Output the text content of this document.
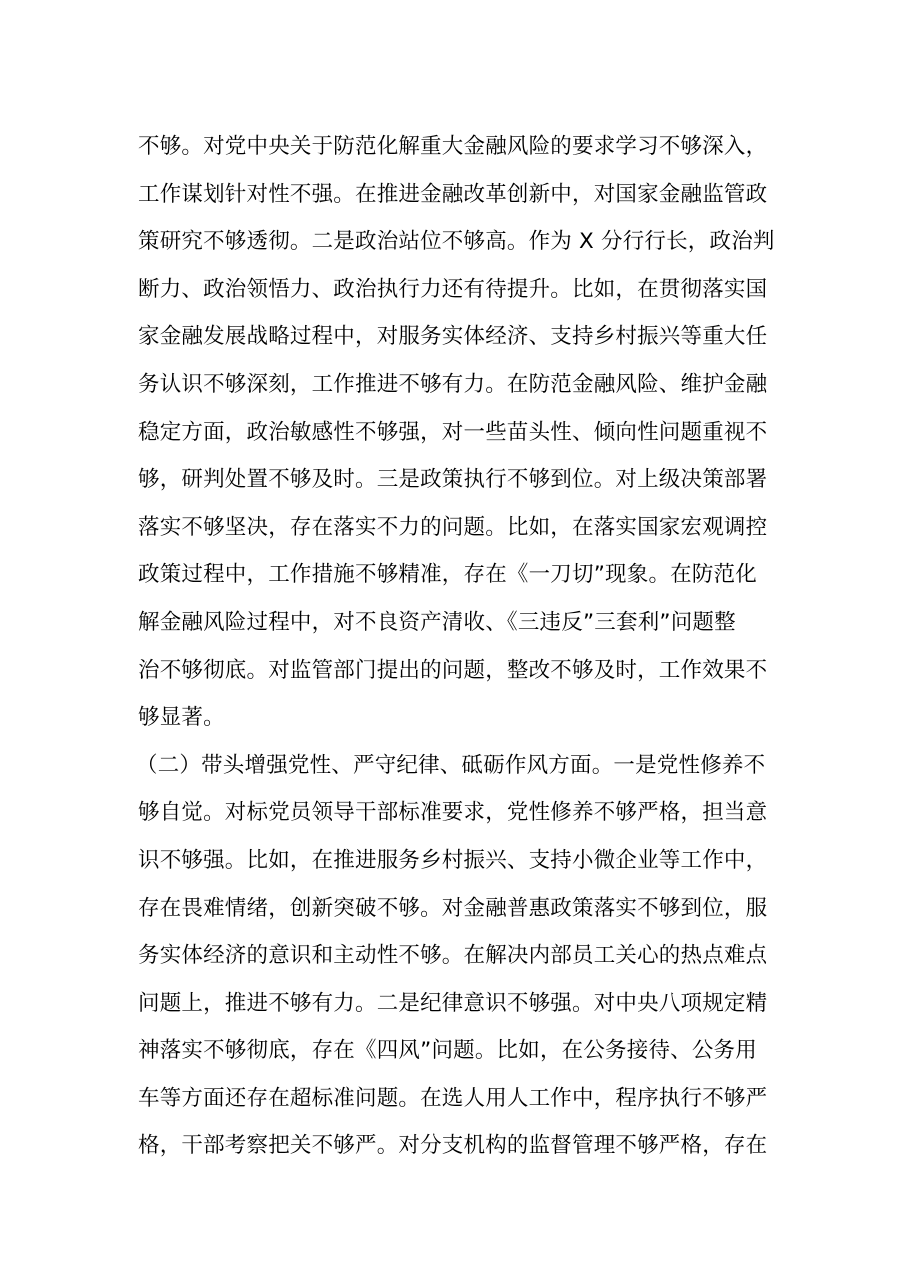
不够。对党中央关于防范化解重大金融风险的要求学习不够深入，
工作谋划针对性不强。在推进金融改革创新中，对国家金融监管政
策研究不够透彻。二是政治站位不够高。作为 X 分行行长，政治判
断力、政治领悟力、政治执行力还有待提升。比如，在贯彻落实国
家金融发展战略过程中，对服务实体经济、支持乡村振兴等重大任
务认识不够深刻，工作推进不够有力。在防范金融风险、维护金融
稳定方面，政治敏感性不够强，对一些苗头性、倾向性问题重视不
够，研判处置不够及时。三是政策执行不够到位。对上级决策部署
落实不够坚决，存在落实不力的问题。比如，在落实国家宏观调控
政策过程中，工作措施不够精准，存在《一刀切”现象。在防范化
解金融风险过程中，对不良资产清收、《三违反”三套利”问题整
治不够彻底。对监管部门提出的问题，整改不够及时，工作效果不
够显著。
（二）带头增强党性、严守纪律、砥砺作风方面。一是党性修养不
够自觉。对标党员领导干部标准要求，党性修养不够严格，担当意
识不够强。比如，在推进服务乡村振兴、支持小微企业等工作中，
存在畏难情绪，创新突破不够。对金融普惠政策落实不够到位，服
务实体经济的意识和主动性不够。在解决内部员工关心的热点难点
问题上，推进不够有力。二是纪律意识不够强。对中央八项规定精
神落实不够彻底，存在《四风”问题。比如，在公务接待、公务用
车等方面还存在超标准问题。在选人用人工作中，程序执行不够严
格，干部考察把关不够严。对分支机构的监督管理不够严格，存在
